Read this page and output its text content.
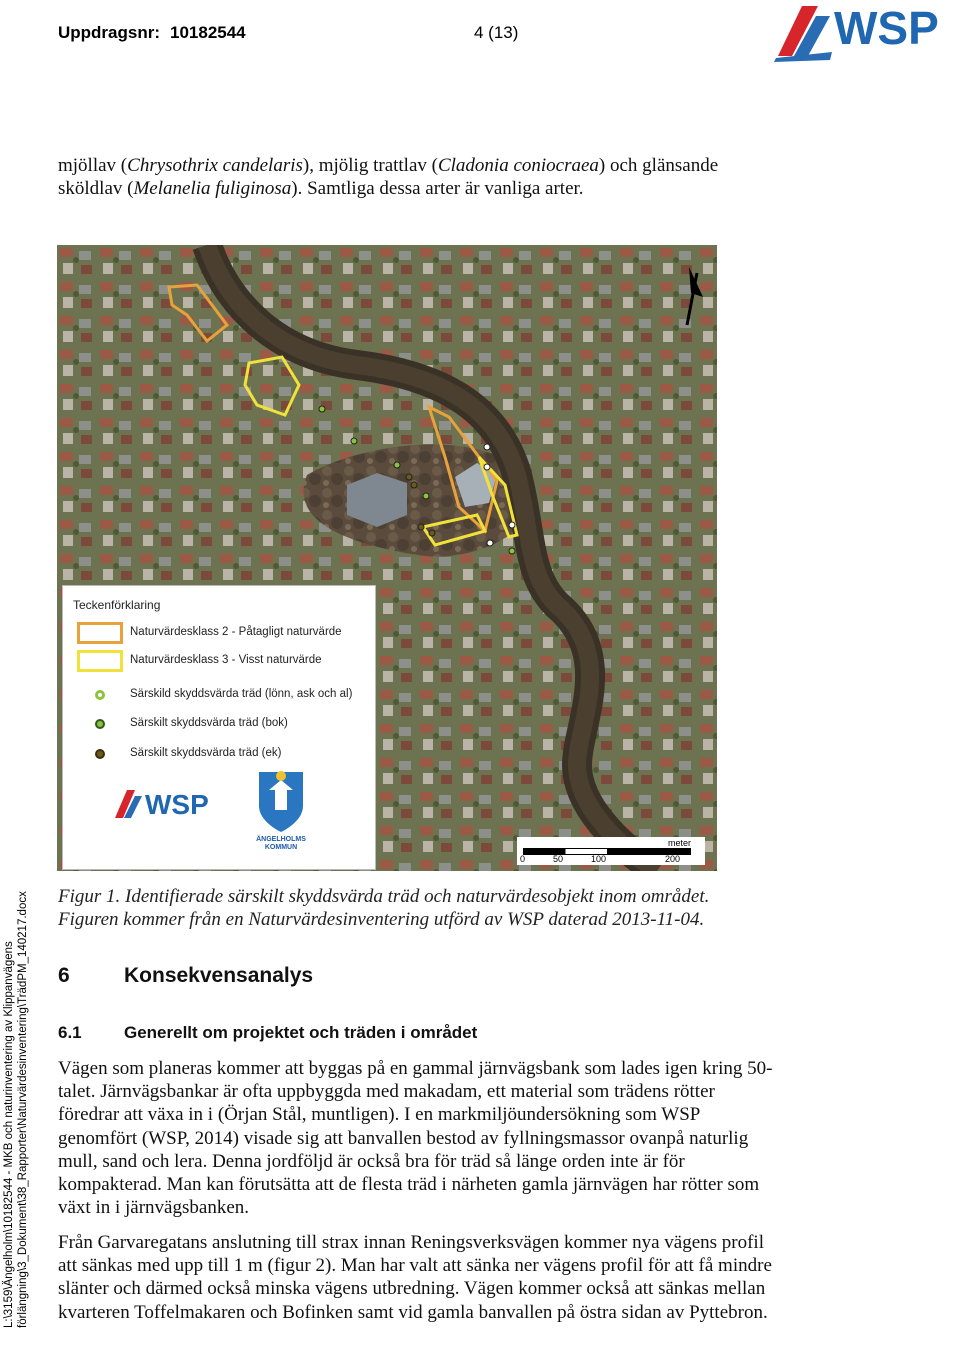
Uppdragsnr: 10182544	4 (13)	WSP

mjöllav (Chrysothrix candelaris), mjölig trattlav (Cladonia coniocraea) och glänsande sköldlav (Melanelia fuliginosa). Samtliga dessa arter är vanliga arter.

Teckenförklaring
Naturvärdesklass 2 - Påtagligt naturvärde
Naturvärdesklass 3 - Visst naturvärde
Särskild skyddsvärda träd (lönn, ask och al)
Särskilt skyddsvärda träd (bok)
Särskilt skyddsvärda träd (ek)
WSP
ÄNGELHOLMS
KOMMUN	meter
0	50	100	200

Figur 1. Identifierade särskilt skyddsvärda träd och naturvärdesobjekt inom området.
Figuren kommer från en Naturvärdesinventering utförd av WSP daterad 2013-11-04.

6	Konsekvensanalys
6.1 Generellt om projektet och träden i området

Vägen som planeras kommer att byggas på en gammal järnvägsbank som lades igen kring 50-talet. Järnvägsbankar är ofta uppbyggda med makadam, ett material som trädens rötter föredrar att växa in i (Örjan Stål, muntligen). I en markmiljöundersökning som WSP genomfört (WSP, 2014) visade sig att banvallen bestod av fyllningsmassor ovanpå naturlig mull, sand och lera. Denna jordföljd är också bra för träd så länge orden inte är för kompakterad. Man kan förutsätta att de flesta träd i närheten gamla järnvägen har rötter som växt in i järnvägsbanken.

Från Garvaregatans anslutning till strax innan Reningsverksvägen kommer nya vägens profil att sänkas med upp till 1 m (figur 2). Man har valt att sänka ner vägens profil för att få mindre slänter och därmed också minska vägens utbredning. Vägen kommer också att sänkas mellan kvarteren Toffelmakaren och Bofinken samt vid gamla banvallen på östra sidan av Pyttebron.

L:\3159\Ängelholm\10182544 - MKB och naturinventering av Klippanvägens förlängning\3_Dokument\38_Rapporter\Naturvärdesinventering\TrädPM_140217.docx
